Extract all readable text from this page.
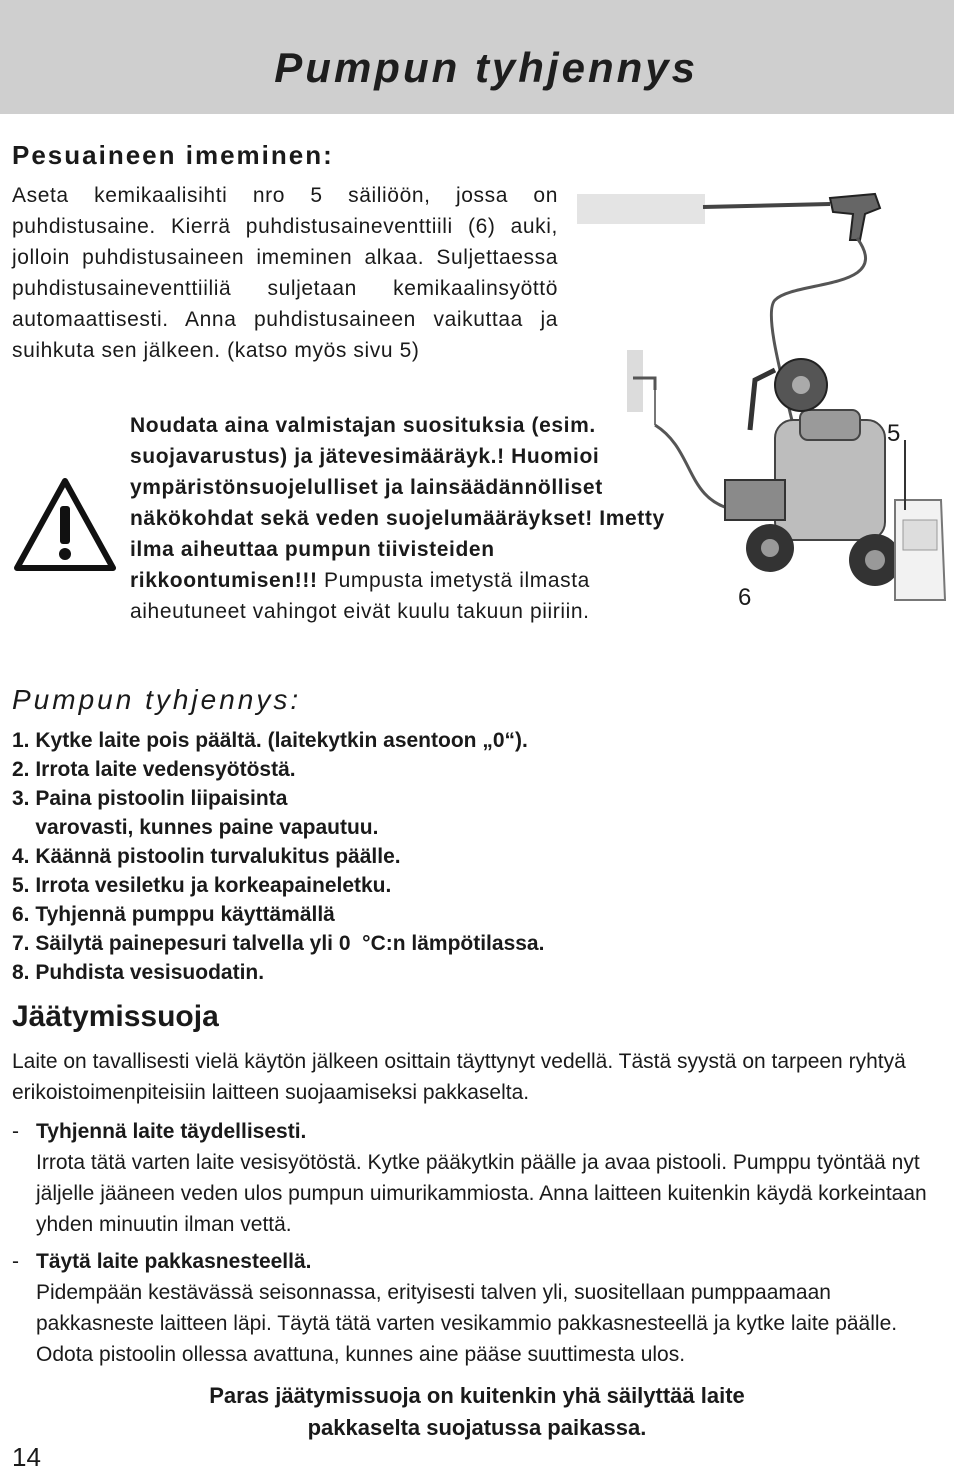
Pumpun tyhjennys
Pesuaineen imeminen:
Aseta kemikaalisihti nro 5 säiliöön, jossa on puhdistusaine. Kierrä puhdistusaineventtiili (6) auki, jolloin puhdistusaineen imeminen alkaa. Suljettaessa puhdistusaineventtiiliä suljetaan kemikaalinsyöttö automaattisesti. Anna puhdistusaineen vaikuttaa ja suihkuta sen jälkeen. (katso myös sivu 5)
Noudata aina valmistajan suosituksia (esim. suojavarustus) ja jätevesimääräyk.! Huomioi ympäristönsuojelulliset ja lainsäädännölliset näkökohdat sekä veden suojelumääräykset! Imetty ilma aiheuttaa pumpun tiivisteiden rikkoontumisen!!! Pumpusta imetystä ilmasta aiheutuneet vahingot eivät kuulu takuun piiriin.
5
6
Pumpun tyhjennys:
1. Kytke laite pois päältä. (laitekytkin asentoon „0“).
2. Irrota laite vedensyötöstä.
3. Paina pistoolin liipaisinta
varovasti, kunnes paine vapautuu.
4. Käännä pistoolin turvalukitus päälle.
5. Irrota vesiletku ja korkeapaineletku.
6. Tyhjennä pumppu käyttämällä
7. Säilytä painepesuri talvella yli 0  °C:n lämpötilassa.
8. Puhdista vesisuodatin.
Jäätymissuoja
Laite on tavallisesti vielä käytön jälkeen osittain täyttynyt vedellä. Tästä syystä on tarpeen ryhtyä erikoistoimenpiteisiin laitteen suojaamiseksi pakkaselta.
- Tyhjennä laite täydellisesti.
Irrota tätä varten laite vesisyötöstä. Kytke pääkytkin päälle ja avaa pistooli. Pumppu työntää nyt jäljelle jääneen veden ulos pumpun uimurikammiosta. Anna laitteen kuitenkin käydä korkeintaan yhden minuutin ilman vettä.
- Täytä laite pakkasnesteellä.
Pidempään kestävässä seisonnassa, erityisesti talven yli, suositellaan pumppaamaan pakkasneste laitteen läpi. Täytä tätä varten vesikammio pakkasnesteellä ja kytke laite päälle. Odota pistoolin ollessa avattuna, kunnes aine pääse suuttimesta ulos.
Paras jäätymissuoja on kuitenkin yhä säilyttää laite
pakkaselta suojatussa paikassa.
14
